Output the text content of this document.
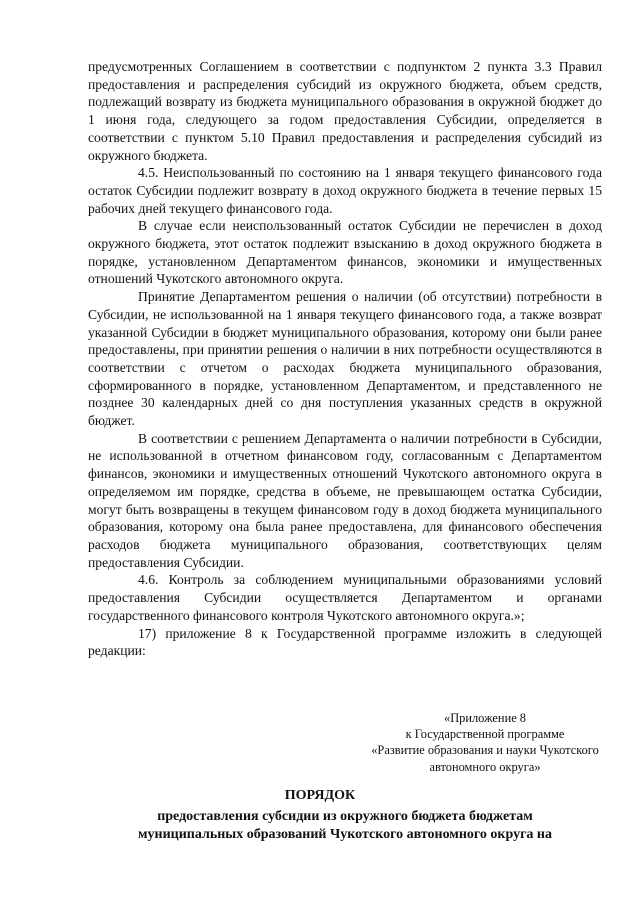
предусмотренных Соглашением в соответствии с подпунктом 2 пункта 3.3 Правил предоставления и распределения субсидий из окружного бюджета, объем средств, подлежащий возврату из бюджета муниципального образования в окружной бюджет до 1 июня года, следующего за годом предоставления Субсидии, определяется в соответствии с пунктом 5.10 Правил предоставления и распределения субсидий из окружного бюджета.

4.5. Неиспользованный по состоянию на 1 января текущего финансового года остаток Субсидии подлежит возврату в доход окружного бюджета в течение первых 15 рабочих дней текущего финансового года.

В случае если неиспользованный остаток Субсидии не перечислен в доход окружного бюджета, этот остаток подлежит взысканию в доход окружного бюджета в порядке, установленном Департаментом финансов, экономики и имущественных отношений Чукотского автономного округа.

Принятие Департаментом решения о наличии (об отсутствии) потребности в Субсидии, не использованной на 1 января текущего финансового года, а также возврат указанной Субсидии в бюджет муниципального образования, которому они были ранее предоставлены, при принятии решения о наличии в них потребности осуществляются в соответствии с отчетом о расходах бюджета муниципального образования, сформированного в порядке, установленном Департаментом, и представленного не позднее 30 календарных дней со дня поступления указанных средств в окружной бюджет.

В соответствии с решением Департамента о наличии потребности в Субсидии, не использованной в отчетном финансовом году, согласованным с Департаментом финансов, экономики и имущественных отношений Чукотского автономного округа в определяемом им порядке, средства в объеме, не превышающем остатка Субсидии, могут быть возвращены в текущем финансовом году в доход бюджета муниципального образования, которому она была ранее предоставлена, для финансового обеспечения расходов бюджета муниципального образования, соответствующих целям предоставления Субсидии.

4.6. Контроль за соблюдением муниципальными образованиями условий предоставления Субсидии осуществляется Департаментом и органами государственного финансового контроля Чукотского автономного округа.»;

17) приложение 8 к Государственной программе изложить в следующей редакции:

«Приложение 8
к Государственной программе
«Развитие образования и науки Чукотского
автономного округа»
ПОРЯДОК
предоставления субсидии из окружного бюджета бюджетам
муниципальных образований Чукотского автономного округа на
